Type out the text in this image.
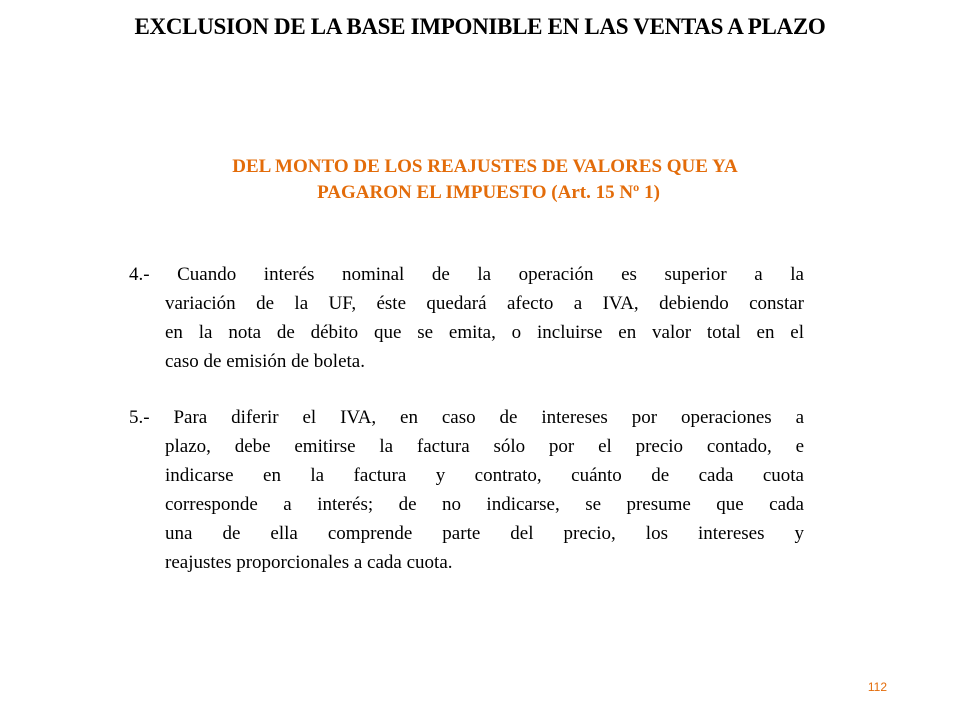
EXCLUSION DE LA BASE IMPONIBLE EN LAS VENTAS A PLAZO
DEL MONTO DE LOS REAJUSTES DE VALORES QUE YA
PAGARON EL IMPUESTO (Art. 15 Nº 1)
4.- Cuando interés nominal de la operación es superior a la
variación de la UF, éste quedará afecto a IVA, debiendo constar
en la nota de débito que se emita, o incluirse en valor total en el
caso de emisión de boleta.
5.- Para diferir el IVA, en caso de intereses por operaciones a
plazo, debe emitirse la factura sólo por el precio contado, e
indicarse en la factura y contrato, cuánto de cada cuota
corresponde a interés; de no indicarse, se presume que cada
una de ella comprende parte del precio, los intereses y
reajustes proporcionales a cada cuota.
112
